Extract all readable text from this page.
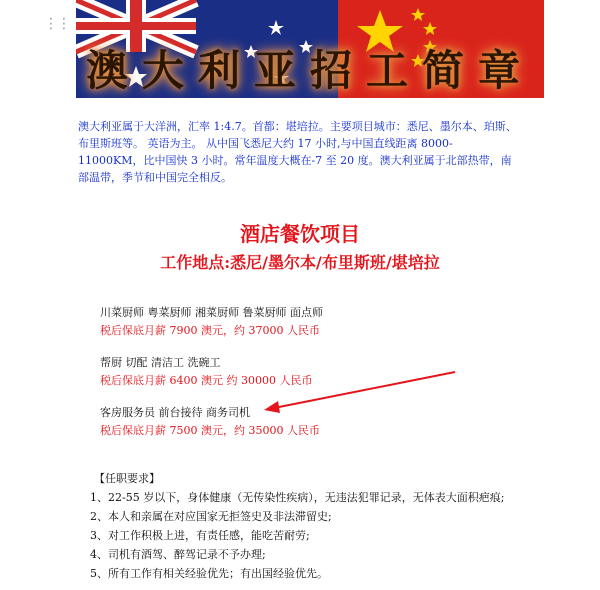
⋮⋮
澳大利亚招工简章
澳大利亚属于大洋洲，汇率 1:4.7。首都：堪培拉。主要项目城市：悉尼、墨尔本、珀斯、布里斯班等。 英语为主。 从中国飞悉尼大约 17 小时,与中国直线距离 8000-11000KM，比中国快 3 小时。常年温度大概在-7 至 20 度。澳大利亚属于北部热带，南部温带，季节和中国完全相反。
酒店餐饮项目
工作地点:悉尼/墨尔本/布里斯班/堪培拉
川菜厨师 粤菜厨师 湘菜厨师 鲁菜厨师 面点师
税后保底月薪 7900 澳元，约 37000 人民币
帮厨 切配 清洁工 洗碗工
税后保底月薪 6400 澳元 约 30000 人民币
客房服务员 前台接待 商务司机
税后保底月薪 7500 澳元，约 35000 人民币
【任职要求】
1、22-55 岁以下，身体健康（无传染性疾病），无违法犯罪记录，无体表大面积疤痕;
2、本人和亲属在对应国家无拒签史及非法滞留史;
3、对工作积极上进，有责任感，能吃苦耐劳;
4、司机有酒驾、醉驾记录不予办理;
5、所有工作有相关经验优先；有出国经验优先。
